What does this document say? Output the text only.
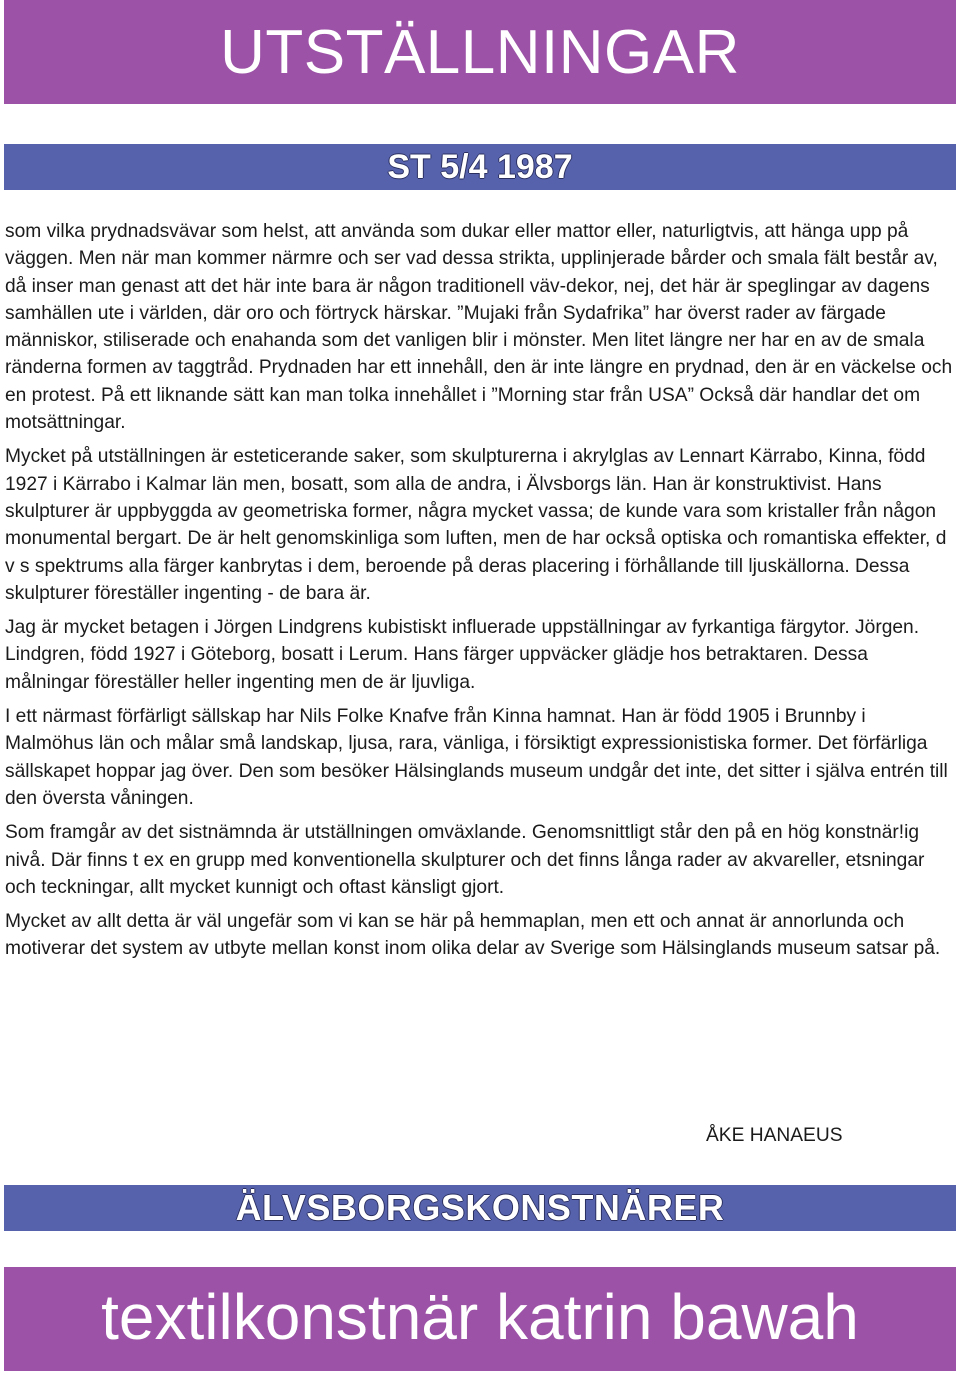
UTSTÄLLNINGAR
ST 5/4 1987

som vilka prydnadsvävar som helst, att använda som dukar eller mattor eller, naturligtvis, att hänga upp på väggen. Men när man kommer närmre och ser vad dessa strikta, upplinjerade bårder och smala fält består av, då inser man genast att det här inte bara är någon traditionell väv-dekor, nej, det här är speglingar av dagens samhällen ute i världen, där oro och förtryck härskar. ”Mujaki från Sydafrika” har överst rader av färgade människor, stiliserade och enahanda som det vanligen blir i mönster. Men litet längre ner har en av de smala ränderna formen av taggtråd. Prydnaden har ett innehåll, den är inte längre en prydnad, den är en väckelse och en protest. På ett liknande sätt kan man tolka innehållet i ”Morning star från USA” Också där handlar det om motsättningar.

Mycket på utställningen är esteticerande saker, som skulpturerna i akrylglas av Lennart Kärrabo, Kinna, född 1927 i Kärrabo i Kalmar län men, bosatt, som alla de andra, i Älvsborgs län. Han är konstruktivist. Hans skulpturer är uppbyggda av geometriska former, några mycket vassa; de kunde vara som kristaller från någon monumental bergart. De är helt genomskinliga som luften, men de har också optiska och romantiska effekter, d v s spektrums alla färger kanbrytas i dem, beroende på deras placering i förhållande till ljuskällorna. Dessa skulpturer föreställer ingenting - de bara är.

Jag är mycket betagen i Jörgen Lindgrens kubistiskt influerade uppställningar av fyrkantiga färgytor. Jörgen. Lindgren, född 1927 i Göteborg, bosatt i Lerum. Hans färger uppväcker glädje hos betraktaren. Dessa målningar föreställer heller ingenting men de är ljuvliga.

I ett närmast förfärligt sällskap har Nils Folke Knafve från Kinna hamnat. Han är född 1905 i Brunnby i Malmöhus län och målar små landskap, ljusa, rara, vänliga, i försiktigt expressionistiska former. Det förfärliga sällskapet hoppar jag över. Den som besöker Hälsinglands museum undgår det inte, det sitter i själva entrén till den översta våningen.

Som framgår av det sistnämnda är utställningen omväxlande. Genomsnittligt står den på en hög konstnär!ig nivå. Där finns t ex en grupp med konventionella skulpturer och det finns långa rader av akvareller, etsningar och teckningar, allt mycket kunnigt och oftast känsligt gjort.

Mycket av allt detta är väl ungefär som vi kan se här på hemmaplan, men ett och annat är annorlunda och motiverar det system av utbyte mellan konst inom olika delar av Sverige som Hälsinglands museum satsar på.

ÅKE HANAEUS
ÄLVSBORGSKONSTNÄRER
textilkonstnär katrin bawah
